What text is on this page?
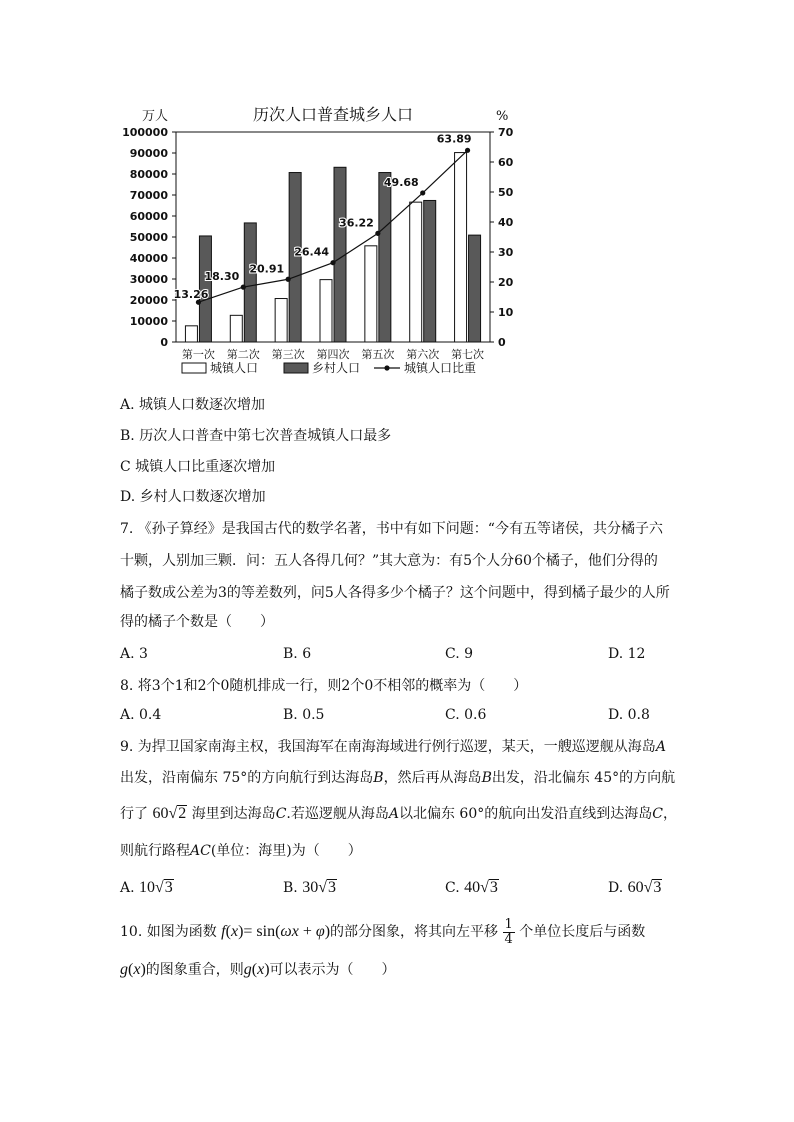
历次人口普查城乡人口
万人	%
0
10000
20000
30000
40000
50000
60000
70000
80000
90000
100000
0
10
20
30
40
50
60
70
第一次 第二次 第三次 第四次 第五次 第六次 第七次
13.26
18.30
20.91
26.44
36.22
49.68
63.89
城镇人口	乡村人口	城镇人口比重
A. 城镇人口数逐次增加
B. 历次人口普查中第七次普查城镇人口最多
C 城镇人口比重逐次增加
D. 乡村人口数逐次增加
7. 《孙子算经》是我国古代的数学名著，书中有如下问题：“今有五等诸侯，共分橘子六
十颗，人别加三颗．问：五人各得几何？”其大意为：有5个人分60个橘子，他们分得的
橘子数成公差为3的等差数列，问5人各得多少个橘子？这个问题中，得到橘子最少的人所
得的橘子个数是（　　）
A. 3	B. 6	C. 9	D. 12
8. 将3个1和2个0随机排成一行，则2个0不相邻的概率为（　　）
A. 0.4	B. 0.5	C. 0.6	D. 0.8
9. 为捍卫国家南海主权，我国海军在南海海域进行例行巡逻，某天，一艘巡逻舰从海岛A
出发，沿南偏东 75°的方向航行到达海岛B，然后再从海岛B出发，沿北偏东 45°的方向航
行了 60√2 海里到达海岛C.若巡逻舰从海岛A以北偏东 60°的航向出发沿直线到达海岛C，
则航行路程AC(单位：海里)为（　　）
A. 10√3	B. 30√3	C. 40√3	D. 60√3
10. 如图为函数 f(x)= sin(ωx + φ)的部分图象，将其向左平移 $\frac{1}{4}$ 个单位长度后与函数
g(x)的图象重合，则g(x)可以表示为（　　）
